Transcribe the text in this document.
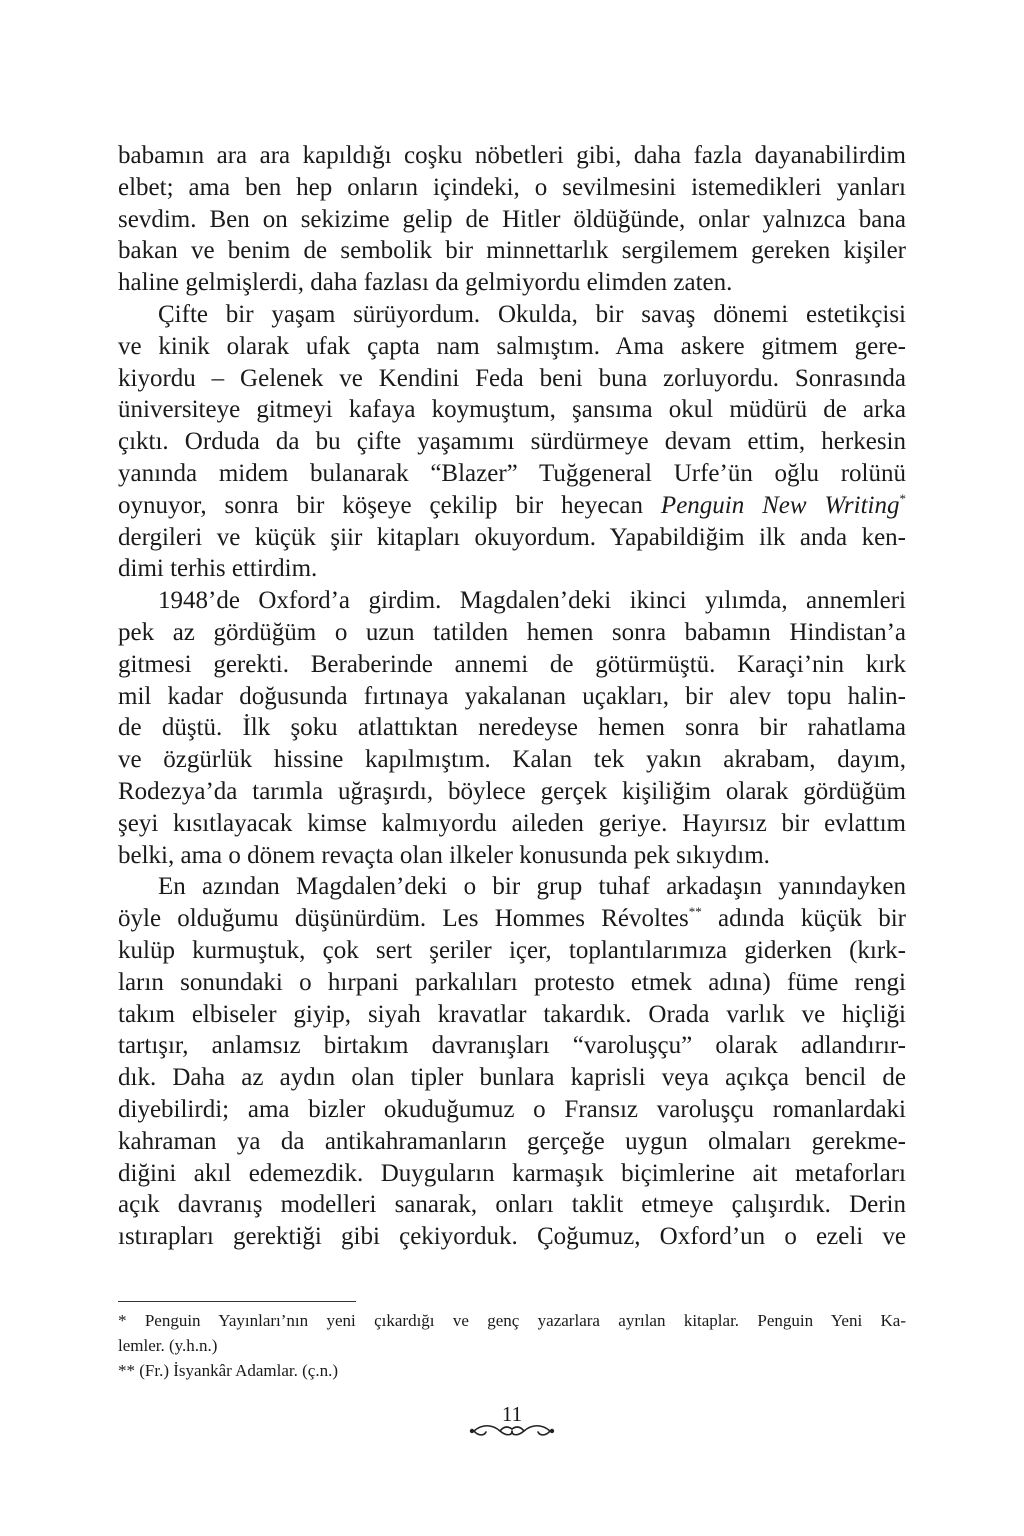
babamın ara ara kapıldığı coşku nöbetleri gibi, daha fazla dayanabilirdim
elbet; ama ben hep onların içindeki, o sevilmesini istemedikleri yanları
sevdim. Ben on sekizime gelip de Hitler öldüğünde, onlar yalnızca bana
bakan ve benim de sembolik bir minnettarlık sergilemem gereken kişiler
haline gelmişlerdi, daha fazlası da gelmiyordu elimden zaten.
Çifte bir yaşam sürüyordum. Okulda, bir savaş dönemi estetikçisi
ve kinik olarak ufak çapta nam salmıştım. Ama askere gitmem gere-
kiyordu – Gelenek ve Kendini Feda beni buna zorluyordu. Sonrasında
üniversiteye gitmeyi kafaya koymuştum, şansıma okul müdürü de arka
çıktı. Orduda da bu çifte yaşamımı sürdürmeye devam ettim, herkesin
yanında midem bulanarak “Blazer” Tuğgeneral Urfe’ün oğlu rolünü
oynuyor, sonra bir köşeye çekilip bir heyecan Penguin New Writing*
dergileri ve küçük şiir kitapları okuyordum. Yapabildiğim ilk anda ken-
dimi terhis ettirdim.
1948’de Oxford’a girdim. Magdalen’deki ikinci yılımda, annemleri
pek az gördüğüm o uzun tatilden hemen sonra babamın Hindistan’a
gitmesi gerekti. Beraberinde annemi de götürmüştü. Karaçi’nin kırk
mil kadar doğusunda fırtınaya yakalanan uçakları, bir alev topu halin-
de düştü. İlk şoku atlattıktan neredeyse hemen sonra bir rahatlama
ve özgürlük hissine kapılmıştım. Kalan tek yakın akrabam, dayım,
Rodezya’da tarımla uğraşırdı, böylece gerçek kişiliğim olarak gördüğüm
şeyi kısıtlayacak kimse kalmıyordu aileden geriye. Hayırsız bir evlattım
belki, ama o dönem revaçta olan ilkeler konusunda pek sıkıydım.
En azından Magdalen’deki o bir grup tuhaf arkadaşın yanındayken
öyle olduğumu düşünürdüm. Les Hommes Révoltes** adında küçük bir
kulüp kurmuştuk, çok sert şeriler içer, toplantılarımıza giderken (kırk-
ların sonundaki o hırpani parkalıları protesto etmek adına) füme rengi
takım elbiseler giyip, siyah kravatlar takardık. Orada varlık ve hiçliği
tartışır, anlamsız birtakım davranışları “varoluşçu” olarak adlandırır-
dık. Daha az aydın olan tipler bunlara kaprisli veya açıkça bencil de
diyebilirdi; ama bizler okuduğumuz o Fransız varoluşçu romanlardaki
kahraman ya da antikahramanların gerçeğe uygun olmaları gerekme-
diğini akıl edemezdik. Duyguların karmaşık biçimlerine ait metaforları
açık davranış modelleri sanarak, onları taklit etmeye çalışırdık. Derin
ıstırapları gerektiği gibi çekiyorduk. Çoğumuz, Oxford’un o ezeli ve
* Penguin Yayınları’nın yeni çıkardığı ve genç yazarlara ayrılan kitaplar. Penguin Yeni Ka-
lemler. (y.h.n.)
** (Fr.) İsyankâr Adamlar. (ç.n.)
11
